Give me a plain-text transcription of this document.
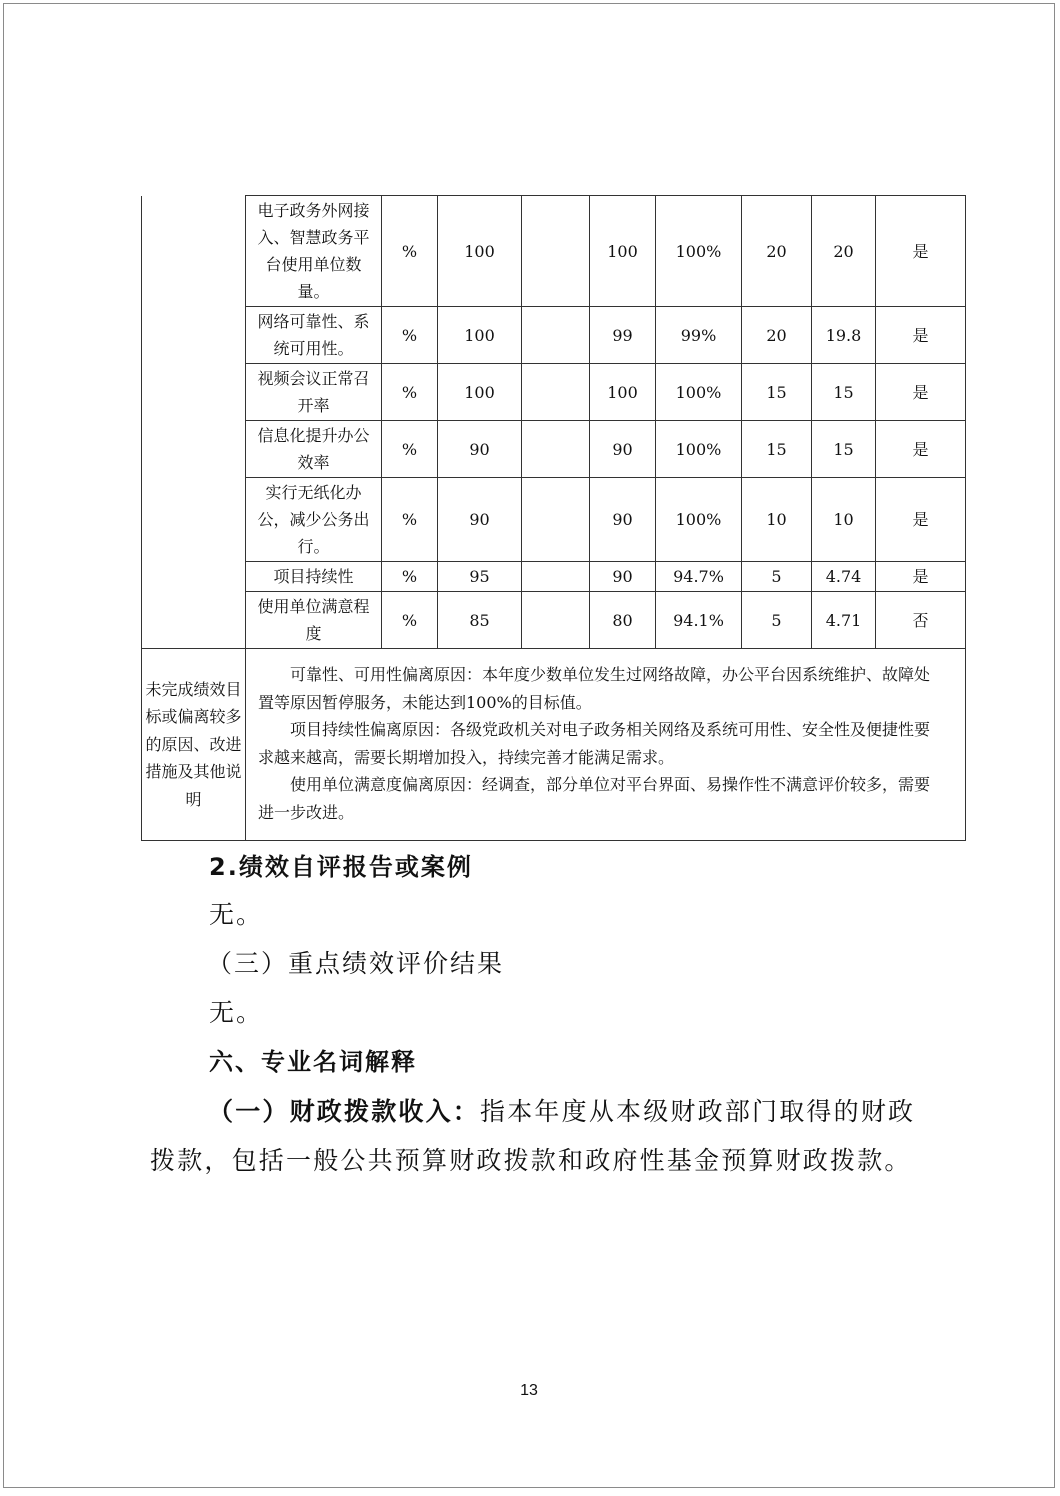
	电子政务外网接入、智慧政务平台使用单位数量。	%	100		100	100%	20	20	是
	网络可靠性、系统可用性。	%	100		99	99%	20	19.8	是
	视频会议正常召开率	%	100		100	100%	15	15	是
	信息化提升办公效率	%	90		90	100%	15	15	是
	实行无纸化办公，减少公务出行。	%	90		90	100%	10	10	是
	项目持续性	%	95		90	94.7%	5	4.74	是
	使用单位满意程度	%	85		80	94.1%	5	4.71	否
未完成绩效目标或偏离较多的原因、改进措施及其他说明	可靠性、可用性偏离原因：本年度少数单位发生过网络故障，办公平台因系统维护、故障处置等原因暂停服务，未能达到100%的目标值。
项目持续性偏离原因：各级党政机关对电子政务相关网络及系统可用性、安全性及便捷性要求越来越高，需要长期增加投入，持续完善才能满足需求。
使用单位满意度偏离原因：经调查，部分单位对平台界面、易操作性不满意评价较多，需要进一步改进。								
2.绩效自评报告或案例
无。
（三）重点绩效评价结果
无。
六、专业名词解释
（一）财政拨款收入：指本年度从本级财政部门取得的财政拨款，包括一般公共预算财政拨款和政府性基金预算财政拨款。
13
